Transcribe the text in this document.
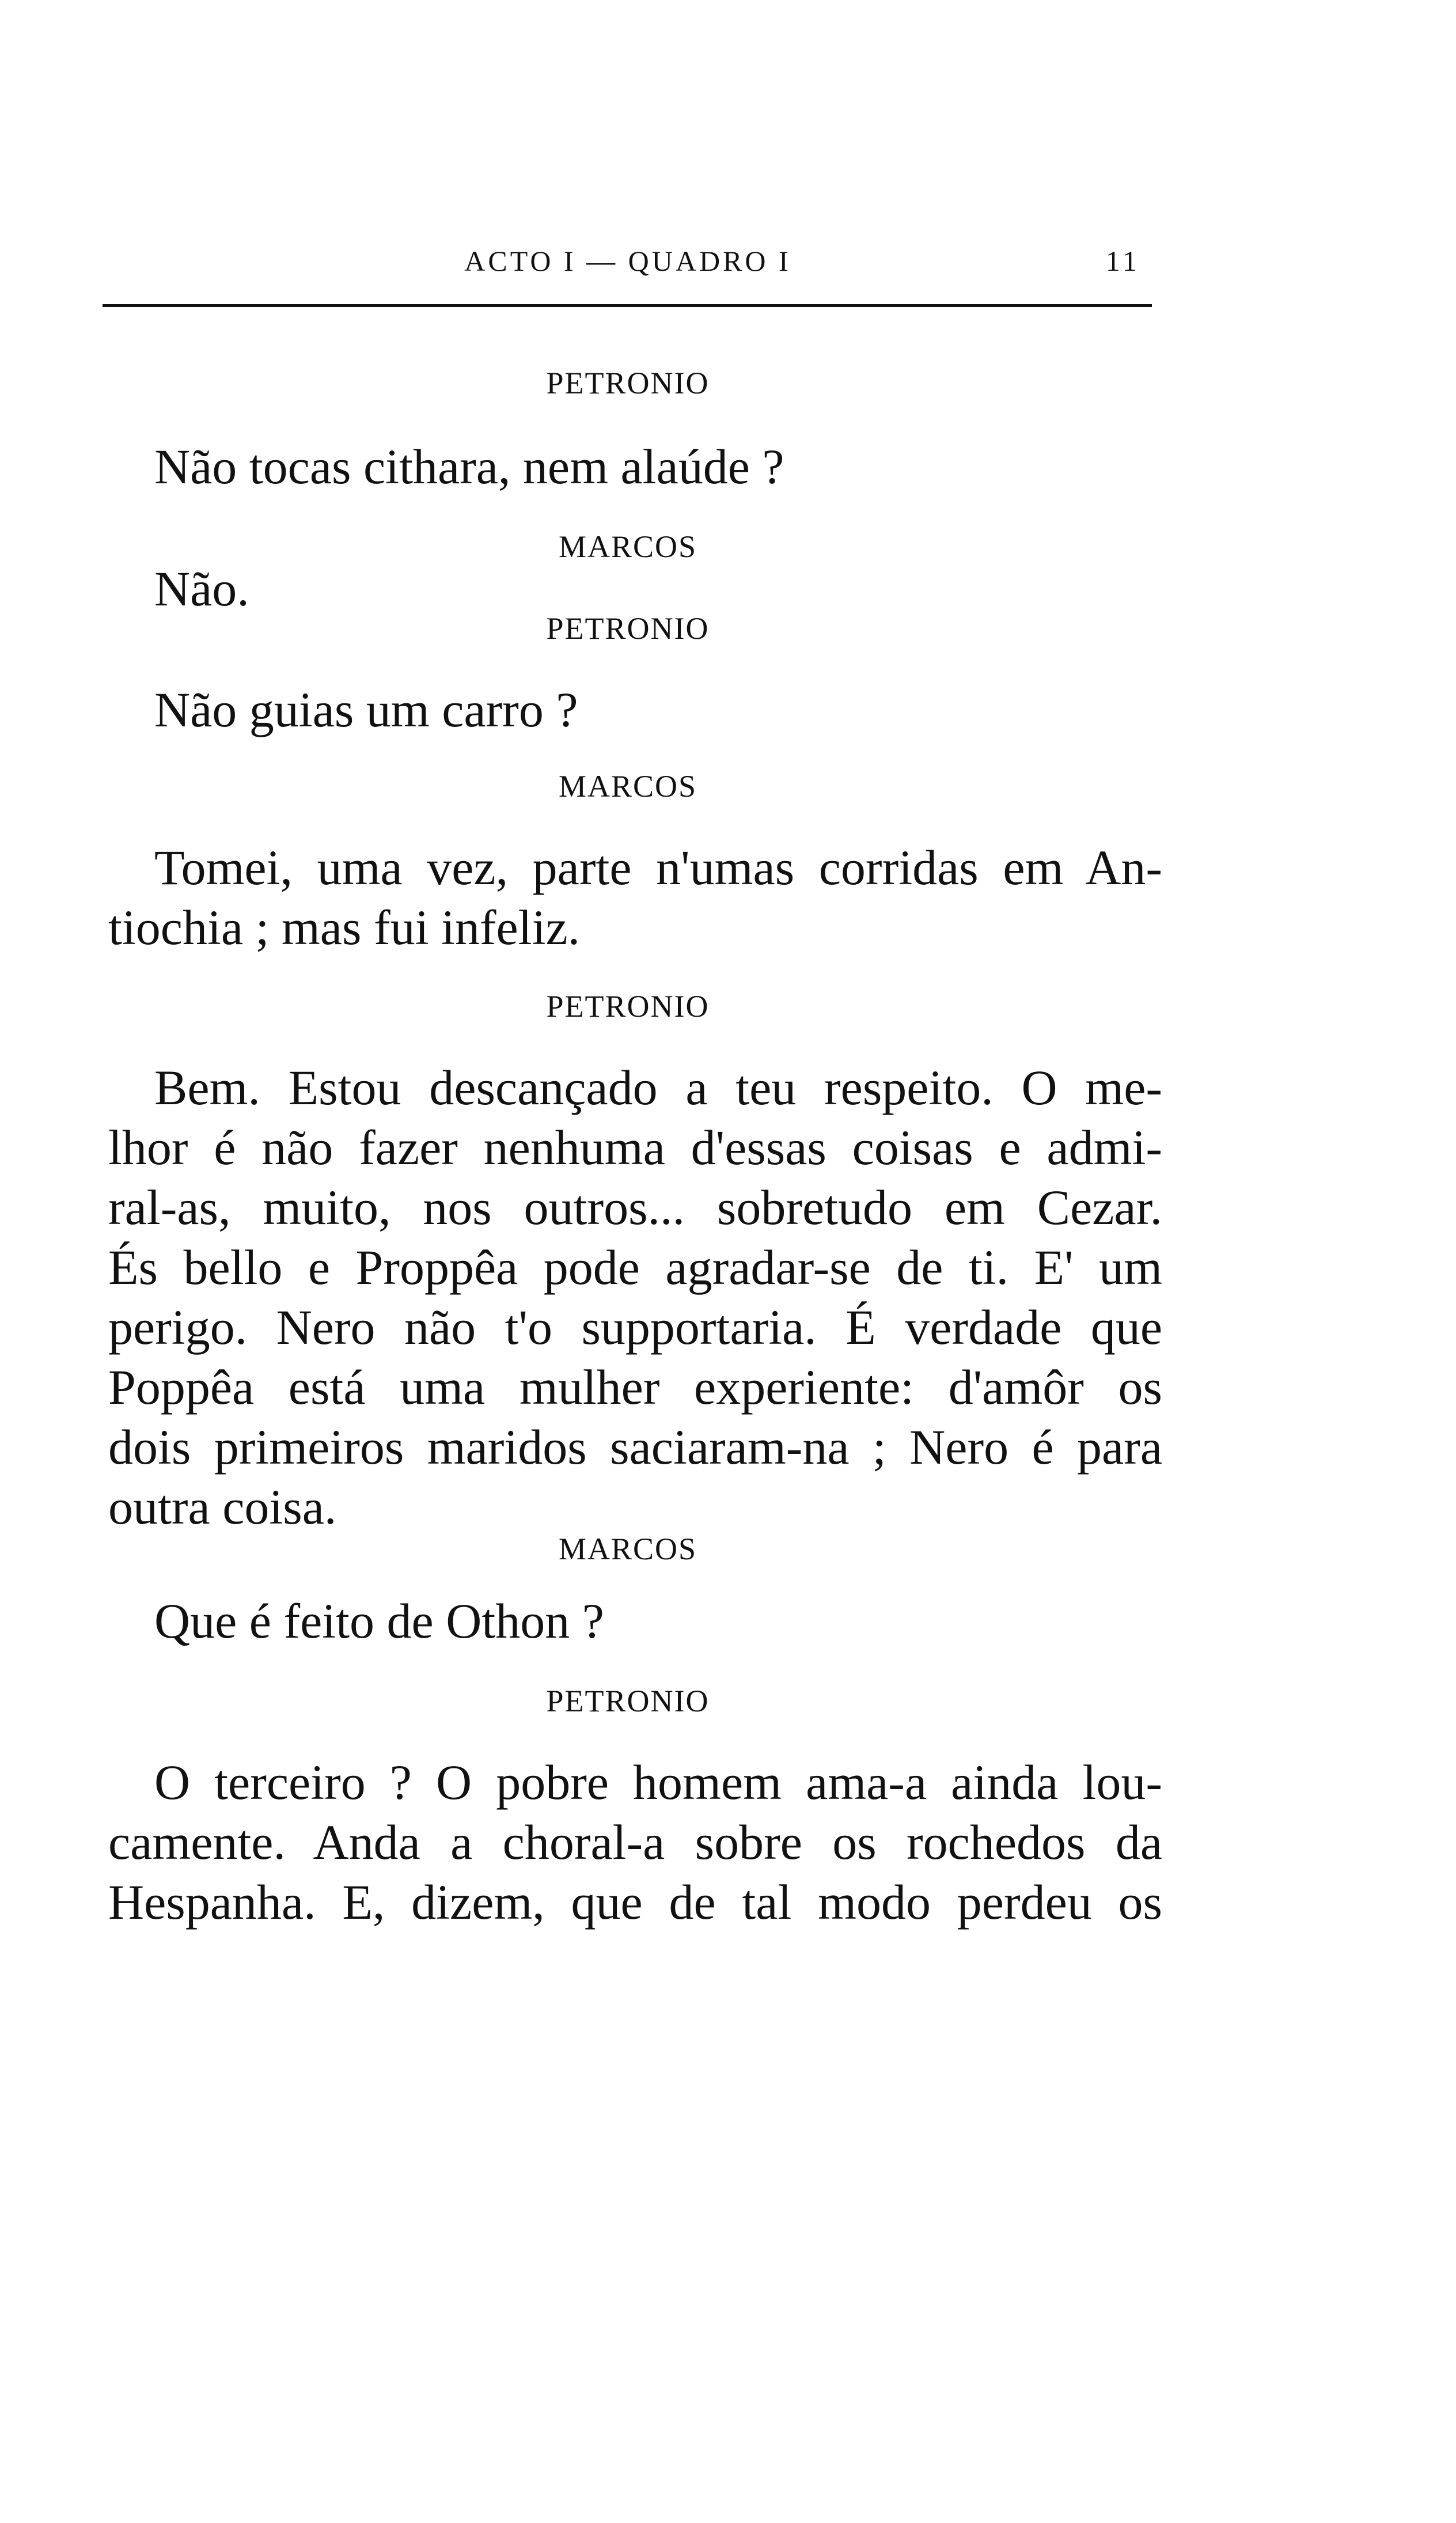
ACTO I — QUADRO I	11
PETRONIO
Não tocas cithara, nem alaúde ?
MARCOS
Não.
PETRONIO
Não guias um carro ?
MARCOS
Tomei, uma vez, parte n'umas corridas em An-
tiochia ; mas fui infeliz.
PETRONIO
Bem. Estou descançado a teu respeito. O me-
lhor é não fazer nenhuma d'essas coisas e admi-
ral-as, muito, nos outros... sobretudo em Cezar.
És bello e Proppêa pode agradar-se de ti. E' um
perigo. Nero não t'o supportaria. É verdade que
Poppêa está uma mulher experiente: d'amôr os
dois primeiros maridos saciaram-na ; Nero é para
outra coisa.
MARCOS
Que é feito de Othon ?
PETRONIO
O terceiro ? O pobre homem ama-a ainda lou-
camente. Anda a choral-a sobre os rochedos da
Hespanha. E, dizem, que de tal modo perdeu os
